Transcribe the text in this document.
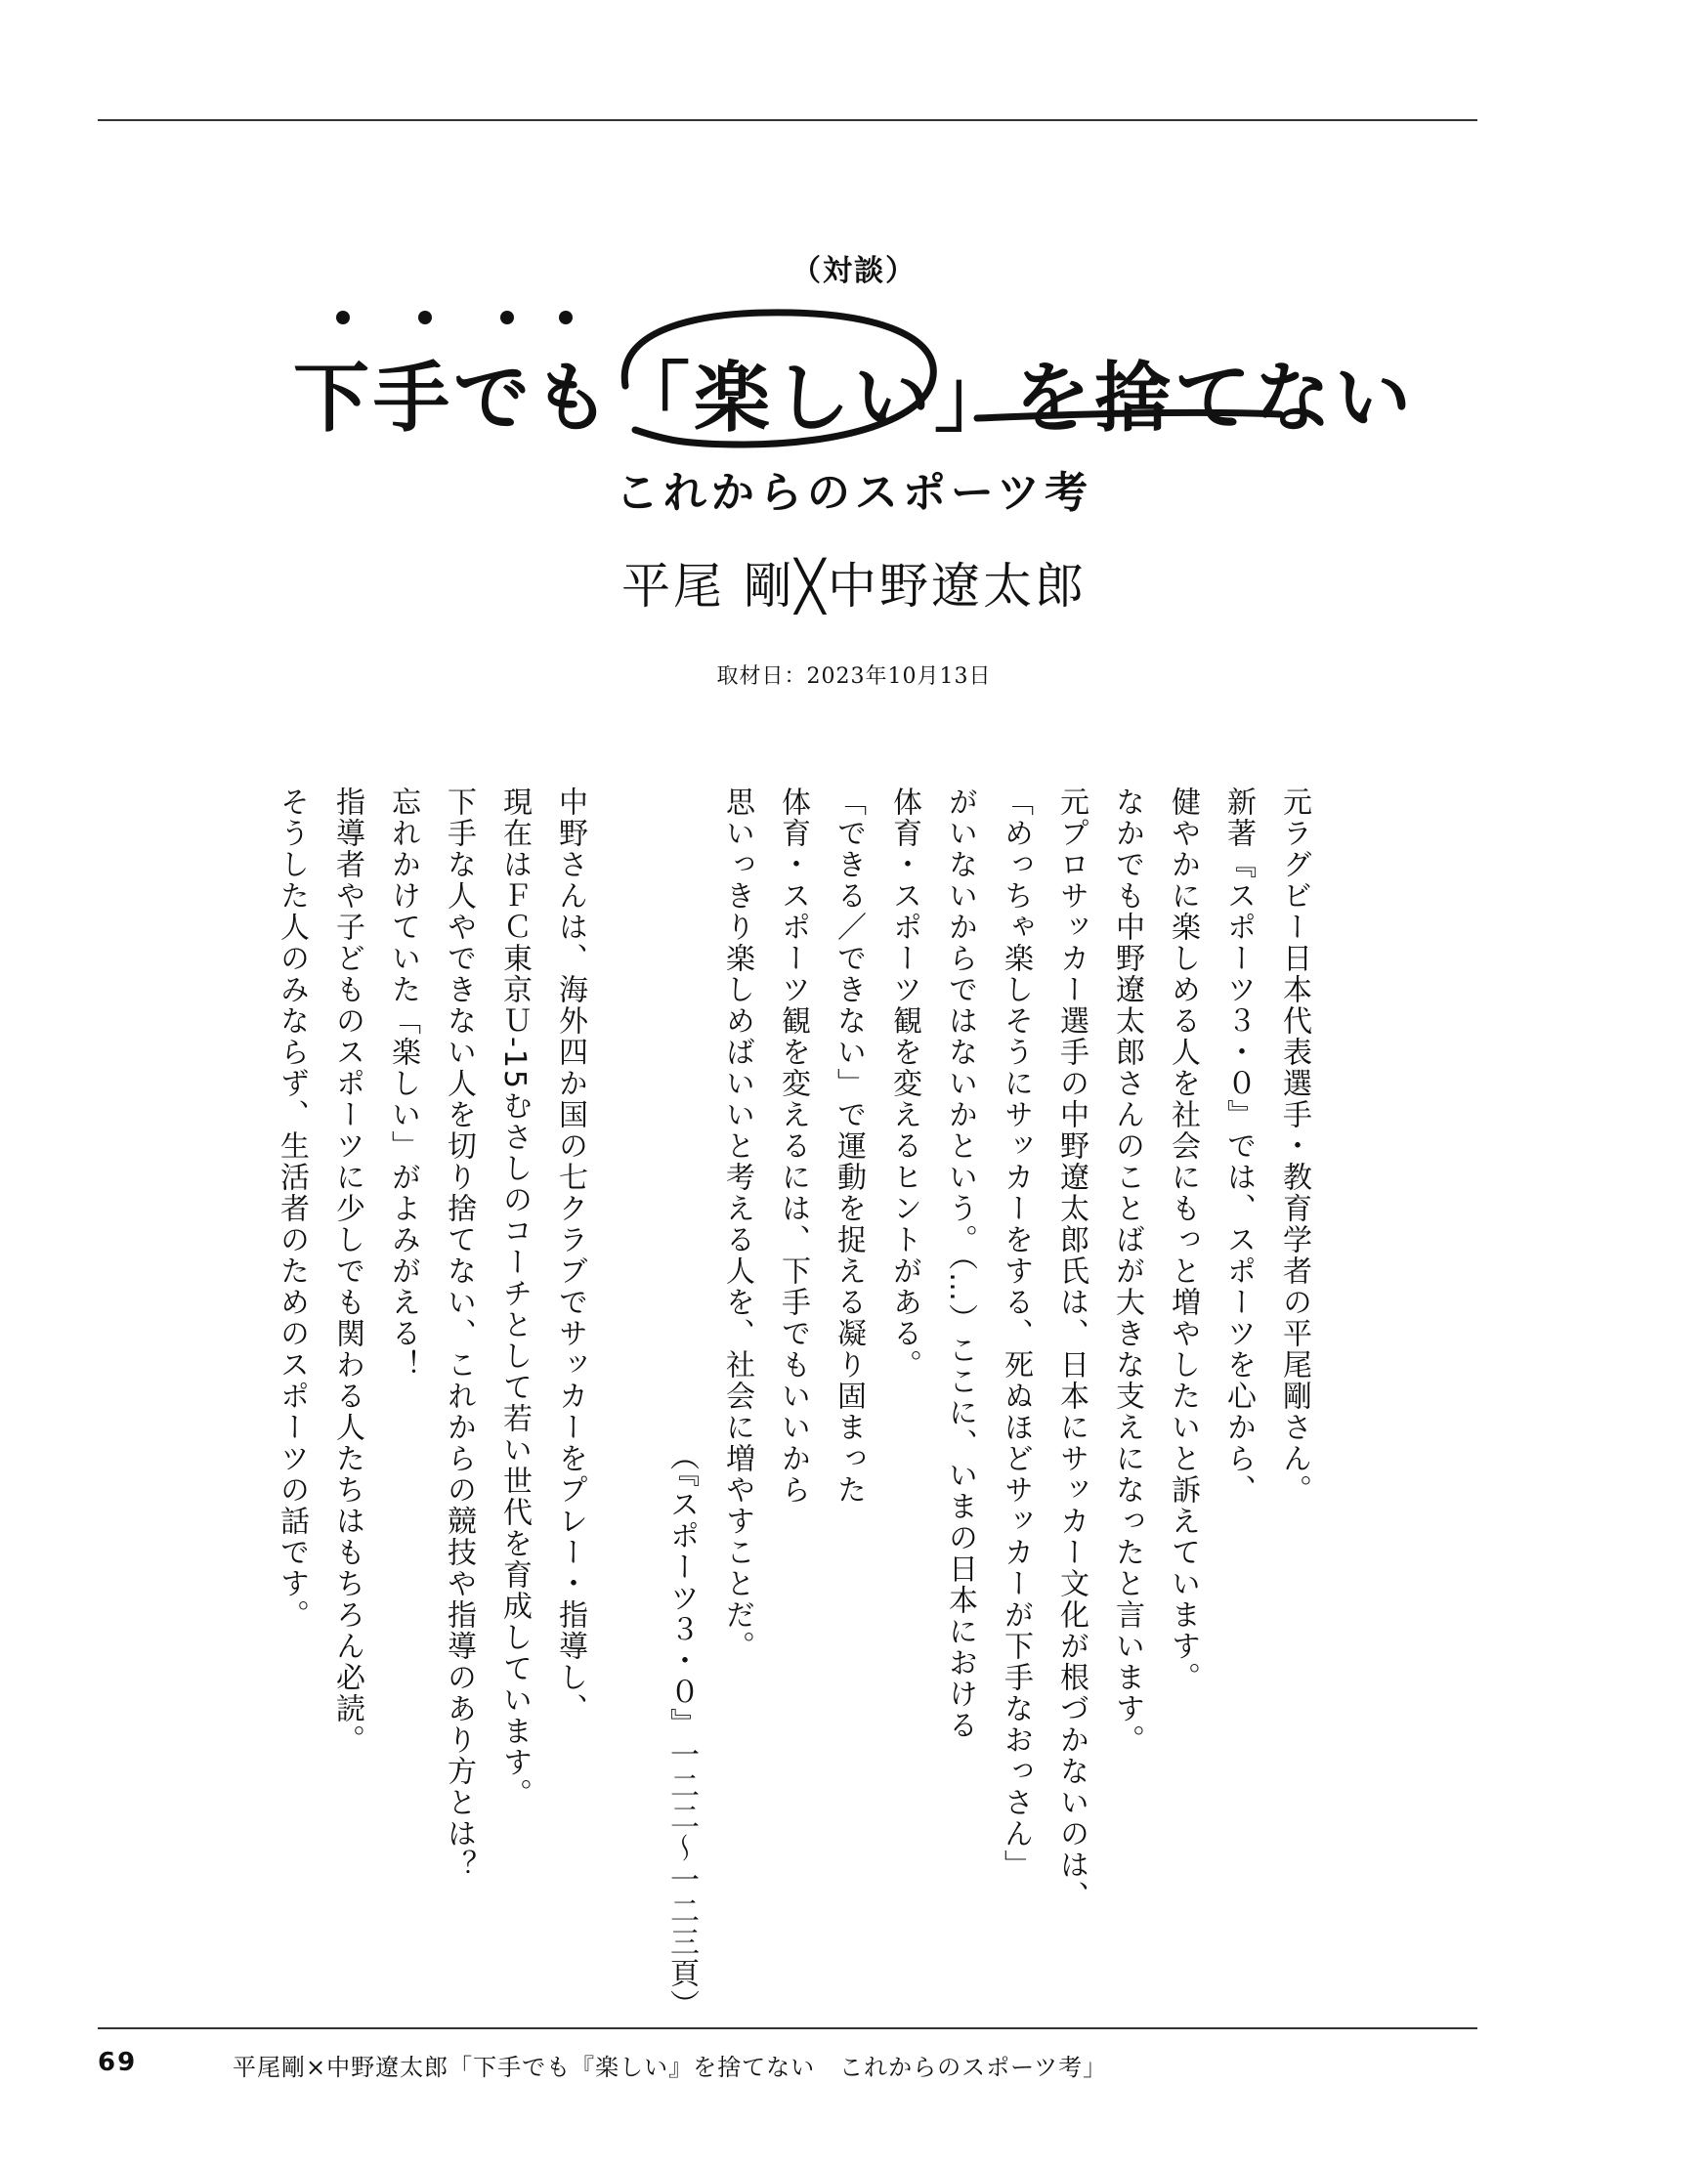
（対談）
下手でも「楽しい」を捨てない
これからのスポーツ考
平尾 剛╳中野遼太郎
取材日：2023年10月13日

元ラグビー日本代表選手・教育学者の平尾剛さん。
新著『スポーツ３・０』では、スポーツを心から、
健やかに楽しめる人を社会にもっと増やしたいと訴えています。
なかでも中野遼太郎さんのことばが大きな支えになったと言います。

元プロサッカー選手の中野遼太郎氏は、日本にサッカー文化が根づかないのは、
「めっちゃ楽しそうにサッカーをする、死ぬほどサッカーが下手なおっさん」
がいないからではないかという。（…）ここに、いまの日本における
体育・スポーツ観を変えるヒントがある。
「できる／できない」で運動を捉える凝り固まった
体育・スポーツ観を変えるには、下手でもいいから
思いっきり楽しめばいいと考える人を、社会に増やすことだ。
（『スポーツ３・０』一二二〜一二三頁）

中野さんは、海外四か国の七クラブでサッカーをプレー・指導し、
現在はＦＣ東京Ｕ-15むさしのコーチとして若い世代を育成しています。
下手な人やできない人を切り捨てない、これからの競技や指導のあり方とは？
忘れかけていた「楽しい」がよみがえる！
指導者や子どものスポーツに少しでも関わる人たちはもちろん必読。
そうした人のみならず、生活者のためのスポーツの話です。

69	平尾剛×中野遼太郎「下手でも『楽しい』を捨てない　これからのスポーツ考」
